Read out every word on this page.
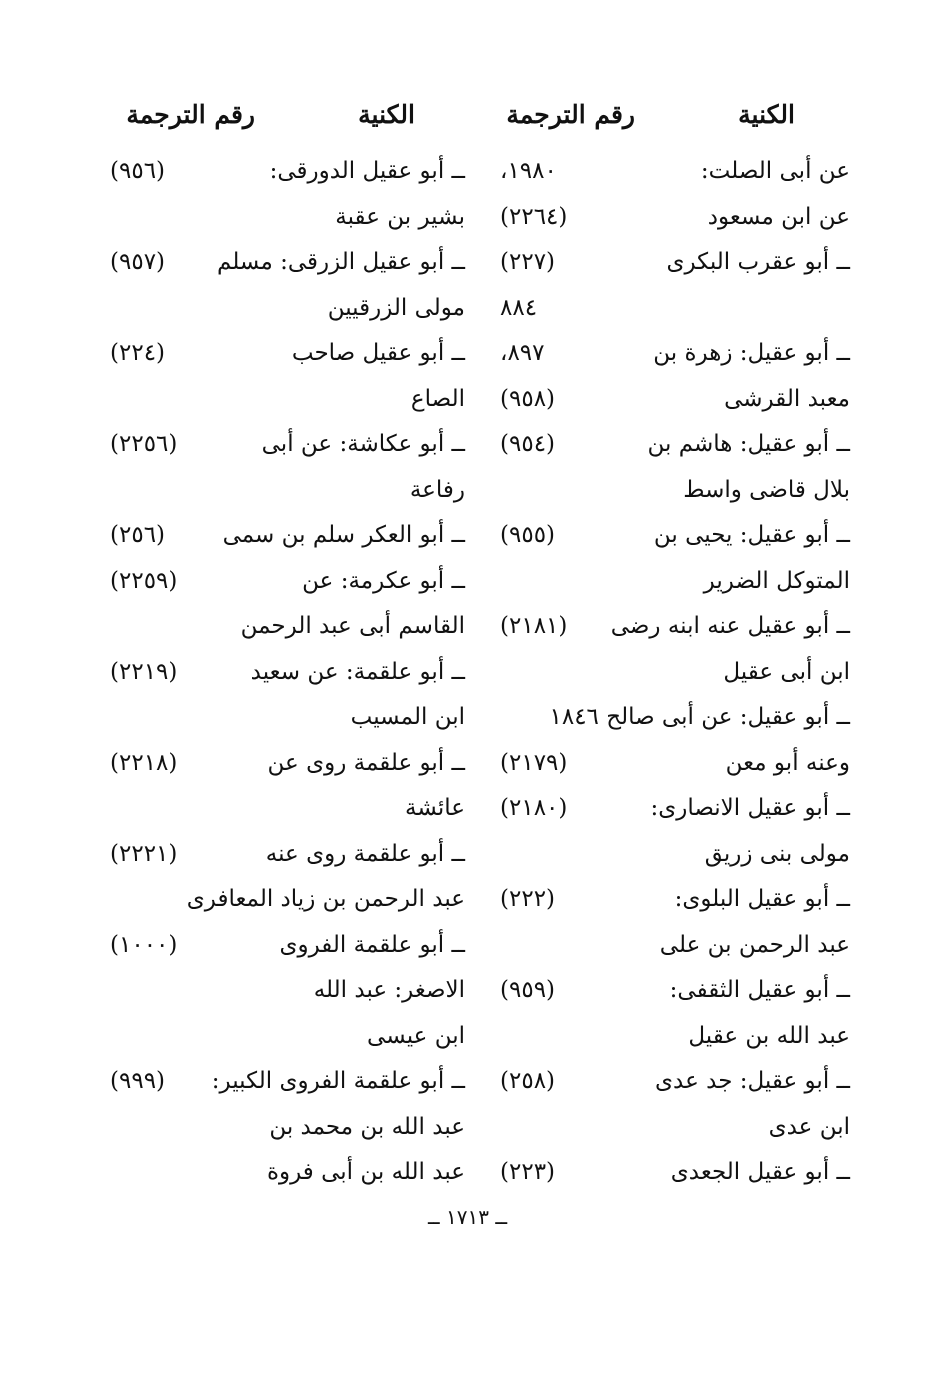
الكنية
رقم الترجمة
عن أبى الصلت:
١٩٨٠،
عن ابن مسعود
(٢٢٦٤)
ــ أبو عقرب البكرى
(٢٢٧)
٨٨٤
ــ أبو عقيل: زهرة بن
٨٩٧،
معبد القرشى
(٩٥٨)
ــ أبو عقيل: هاشم بن
(٩٥٤)
بلال قاضى واسط
ــ أبو عقيل: يحيى بن
(٩٥٥)
المتوكل الضرير
ــ أبو عقيل عنه ابنه رضى
(٢١٨١)
ابن أبى عقيل
ــ أبو عقيل: عن أبى صالح ١٨٤٦
وعنه أبو معن
(٢١٧٩)
ــ أبو عقيل الانصارى:
(٢١٨٠)
مولى بنى زريق
ــ أبو عقيل البلوى:
(٢٢٢)
عبد الرحمن بن على
ــ أبو عقيل الثقفى:
(٩٥٩)
عبد الله بن عقيل
ــ أبو عقيل: جد عدى
(٢٥٨)
ابن عدى
ــ أبو عقيل الجعدى
(٢٢٣)
الكنية
رقم الترجمة
ــ أبو عقيل الدورقى:
(٩٥٦)
بشير بن عقبة
ــ أبو عقيل الزرقى: مسلم
(٩٥٧)
مولى الزرقيين
ــ أبو عقيل صاحب
(٢٢٤)
الصاع
ــ أبو عكاشة: عن أبى
(٢٢٥٦)
رفاعة
ــ أبو العكر سلم بن سمى
(٢٥٦)
ــ أبو عكرمة: عن
(٢٢٥٩)
القاسم أبى عبد الرحمن
ــ أبو علقمة: عن سعيد
(٢٢١٩)
ابن المسيب
ــ أبو علقمة روى عن
(٢٢١٨)
عائشة
ــ أبو علقمة روى عنه
(٢٢٢١)
عبد الرحمن بن زياد المعافرى
ــ أبو علقمة الفروى
(١٠٠٠)
الاصغر: عبد الله
ابن عيسى
ــ أبو علقمة الفروى الكبير:
(٩٩٩)
عبد الله بن محمد بن
عبد الله بن أبى فروة
ــ ١٧١٣ ــ
